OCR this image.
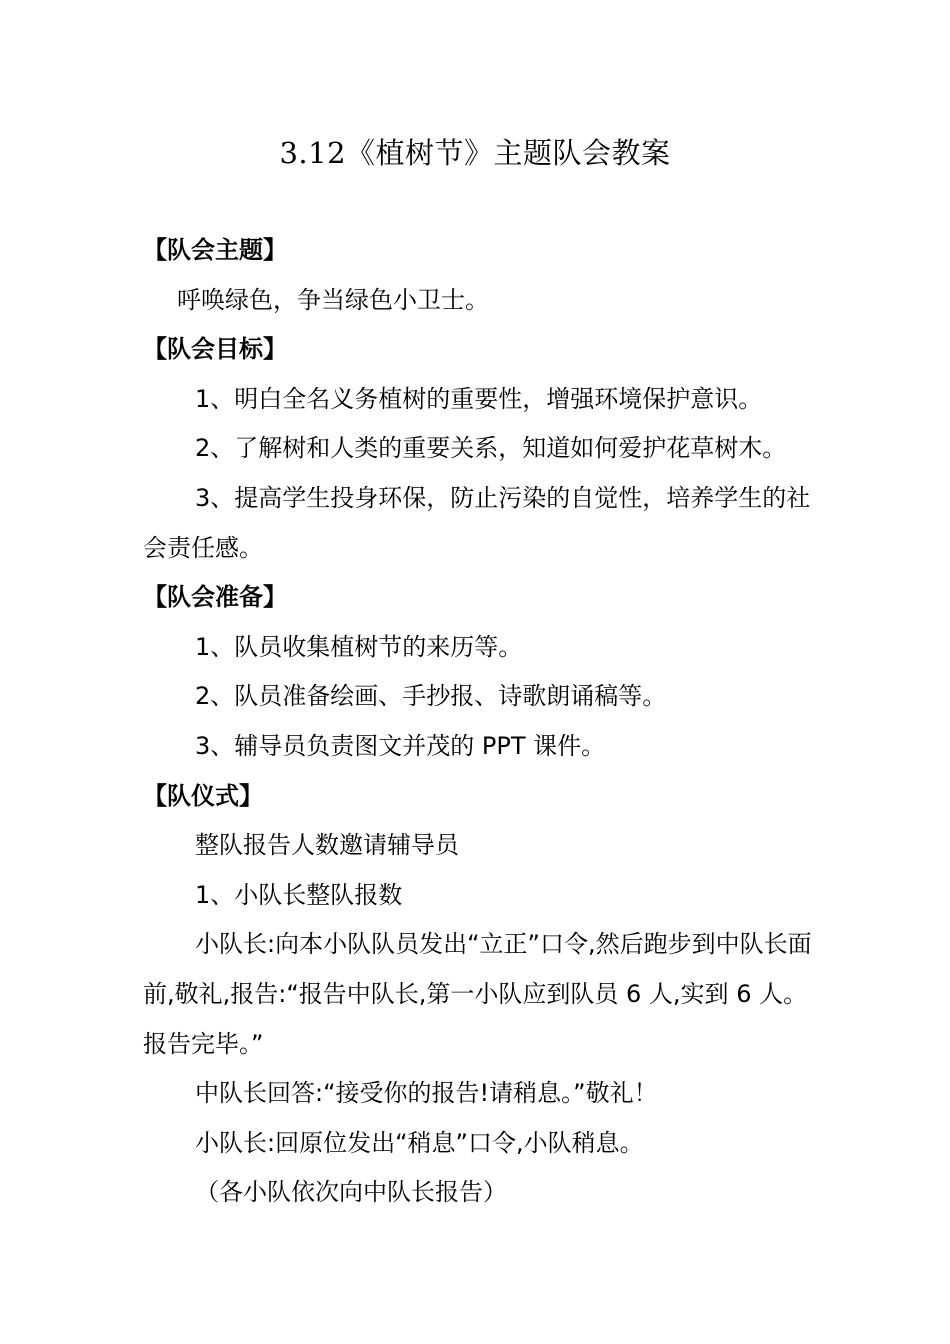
3.12《植树节》主题队会教案
【队会主题】

呼唤绿色，争当绿色小卫士。

【队会目标】

1、明白全名义务植树的重要性，增强环境保护意识。

2、了解树和人类的重要关系，知道如何爱护花草树木。

3、提高学生投身环保，防止污染的自觉性，培养学生的社会责任感。

【队会准备】

1、队员收集植树节的来历等。

2、队员准备绘画、手抄报、诗歌朗诵稿等。

3、辅导员负责图文并茂的 PPT 课件。

【队仪式】

整队报告人数邀请辅导员

1、小队长整队报数

小队长:向本小队队员发出“立正”口令,然后跑步到中队长面前,敬礼,报告:“报告中队长,第一小队应到队员 6 人,实到 6 人。报告完毕。”

中队长回答:“接受你的报告!请稍息。”敬礼！

小队长:回原位发出“稍息”口令,小队稍息。

（各小队依次向中队长报告）
